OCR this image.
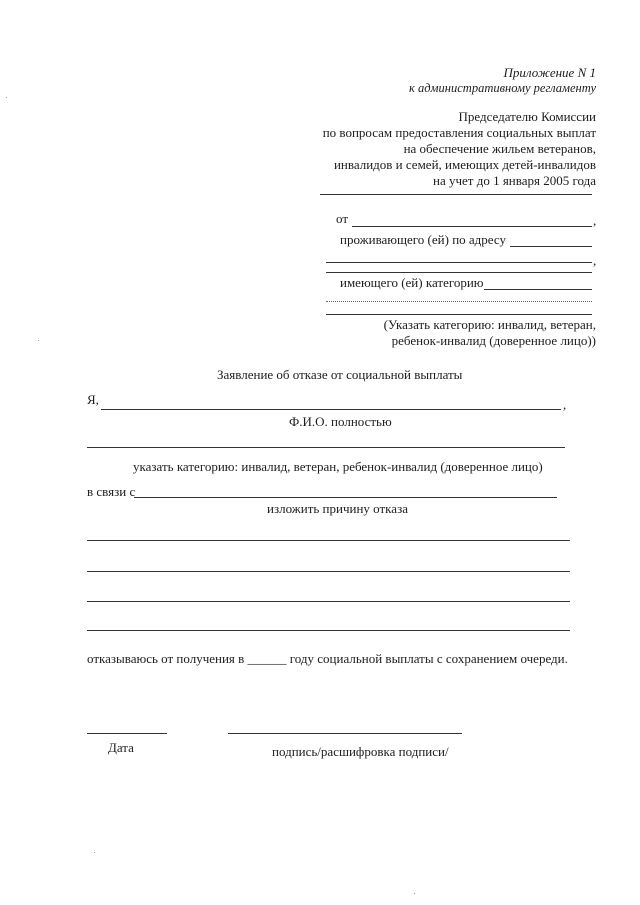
Приложение N 1
к административному регламенту
Председателю Комиссии
по вопросам предоставления социальных выплат
на обеспечение жильем ветеранов,
инвалидов и семей, имеющих детей-инвалидов
на учет до 1 января 2005 года
от	,
проживающего (ей) по адресу
,
имеющего (ей) категорию
(Указать категорию: инвалид, ветеран,
ребенок-инвалид (доверенное лицо))
Заявление об отказе от социальной выплаты
Я,	,
Ф.И.О. полностью
указать категорию: инвалид, ветеран, ребенок-инвалид (доверенное лицо)
в связи с
изложить причину отказа
отказываюсь от получения в ______ году социальной выплаты с сохранением очереди.
Дата	подпись/расшифровка подписи/
